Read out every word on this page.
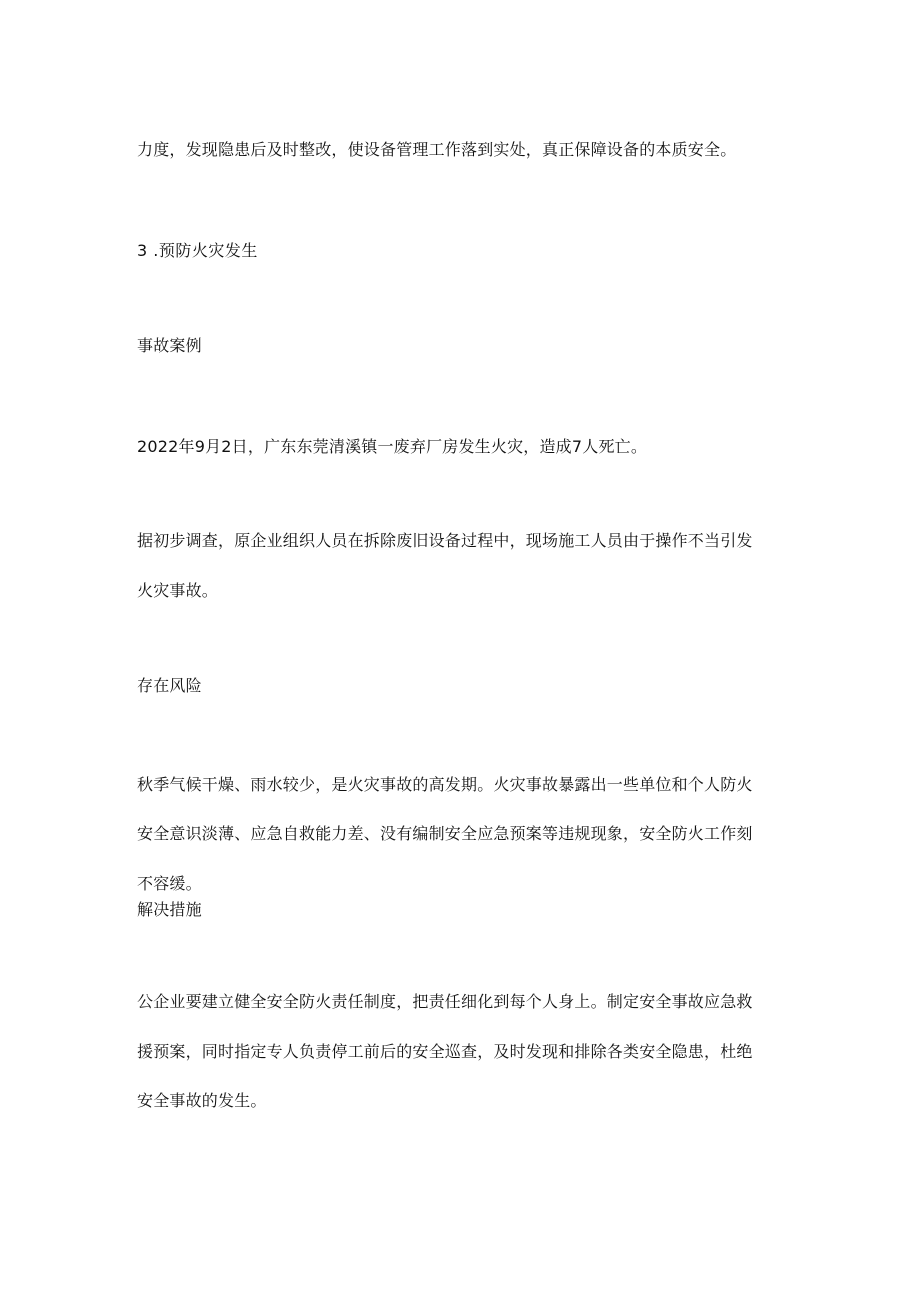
力度，发现隐患后及时整改，使设备管理工作落到实处，真正保障设备的本质安全。

3 .预防火灾发生

事故案例

2022年9月2日，广东东莞清溪镇一废弃厂房发生火灾，造成7人死亡。

据初步调查，原企业组织人员在拆除废旧设备过程中，现场施工人员由于操作不当引发

火灾事故。

存在风险

秋季气候干燥、雨水较少，是火灾事故的高发期。火灾事故暴露出一些单位和个人防火

安全意识淡薄、应急自救能力差、没有编制安全应急预案等违规现象，安全防火工作刻

不容缓。

解决措施

公企业要建立健全安全防火责任制度，把责任细化到每个人身上。制定安全事故应急救

援预案，同时指定专人负责停工前后的安全巡查，及时发现和排除各类安全隐患，杜绝

安全事故的发生。
